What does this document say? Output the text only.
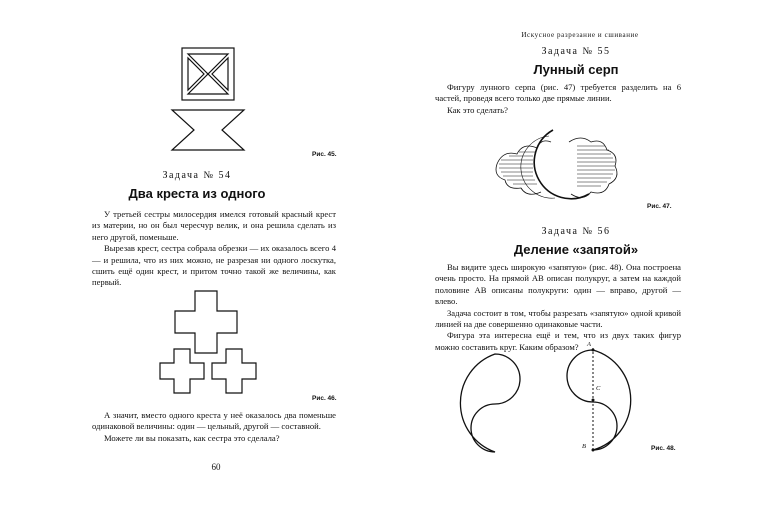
Рис. 45.
Задача № 54
Два креста из одного

У третьей сестры милосердия имелся готовый красный крест из материи, но он был чересчур велик, и она решила сделать из него другой, поменьше.

Вырезав крест, сестра собрала обрезки — их оказалось всего 4 — и решила, что из них можно, не разрезая ни одного лоскутка, сшить ещё один крест, и притом точно такой же величины, как первый.

Рис. 46.

А значит, вместо одного креста у неё оказалось два поменьше одинаковой величины: один — цельный, другой — составной.

Можете ли вы показать, как сестра это сделала?

60
Искусное разрезание и сшивание
Задача № 55
Лунный серп

Фигуру лунного серпа (рис. 47) требуется разделить на 6 частей, проведя всего только две прямые линии.

Как это сделать?

Рис. 47.
Задача № 56
Деление «запятой»

Вы видите здесь широкую «запятую» (рис. 48). Она построена очень просто. На прямой AB описан полукруг, а затем на каждой половине AB описаны полукруги: один — вправо, другой — влево.

Задача состоит в том, чтобы разрезать «запятую» одной кривой линией на две совершенно одинаковые части.

Фигура эта интересна ещё и тем, что из двух таких фигур можно составить круг. Каким образом?	A
C
B	Рис. 48.
